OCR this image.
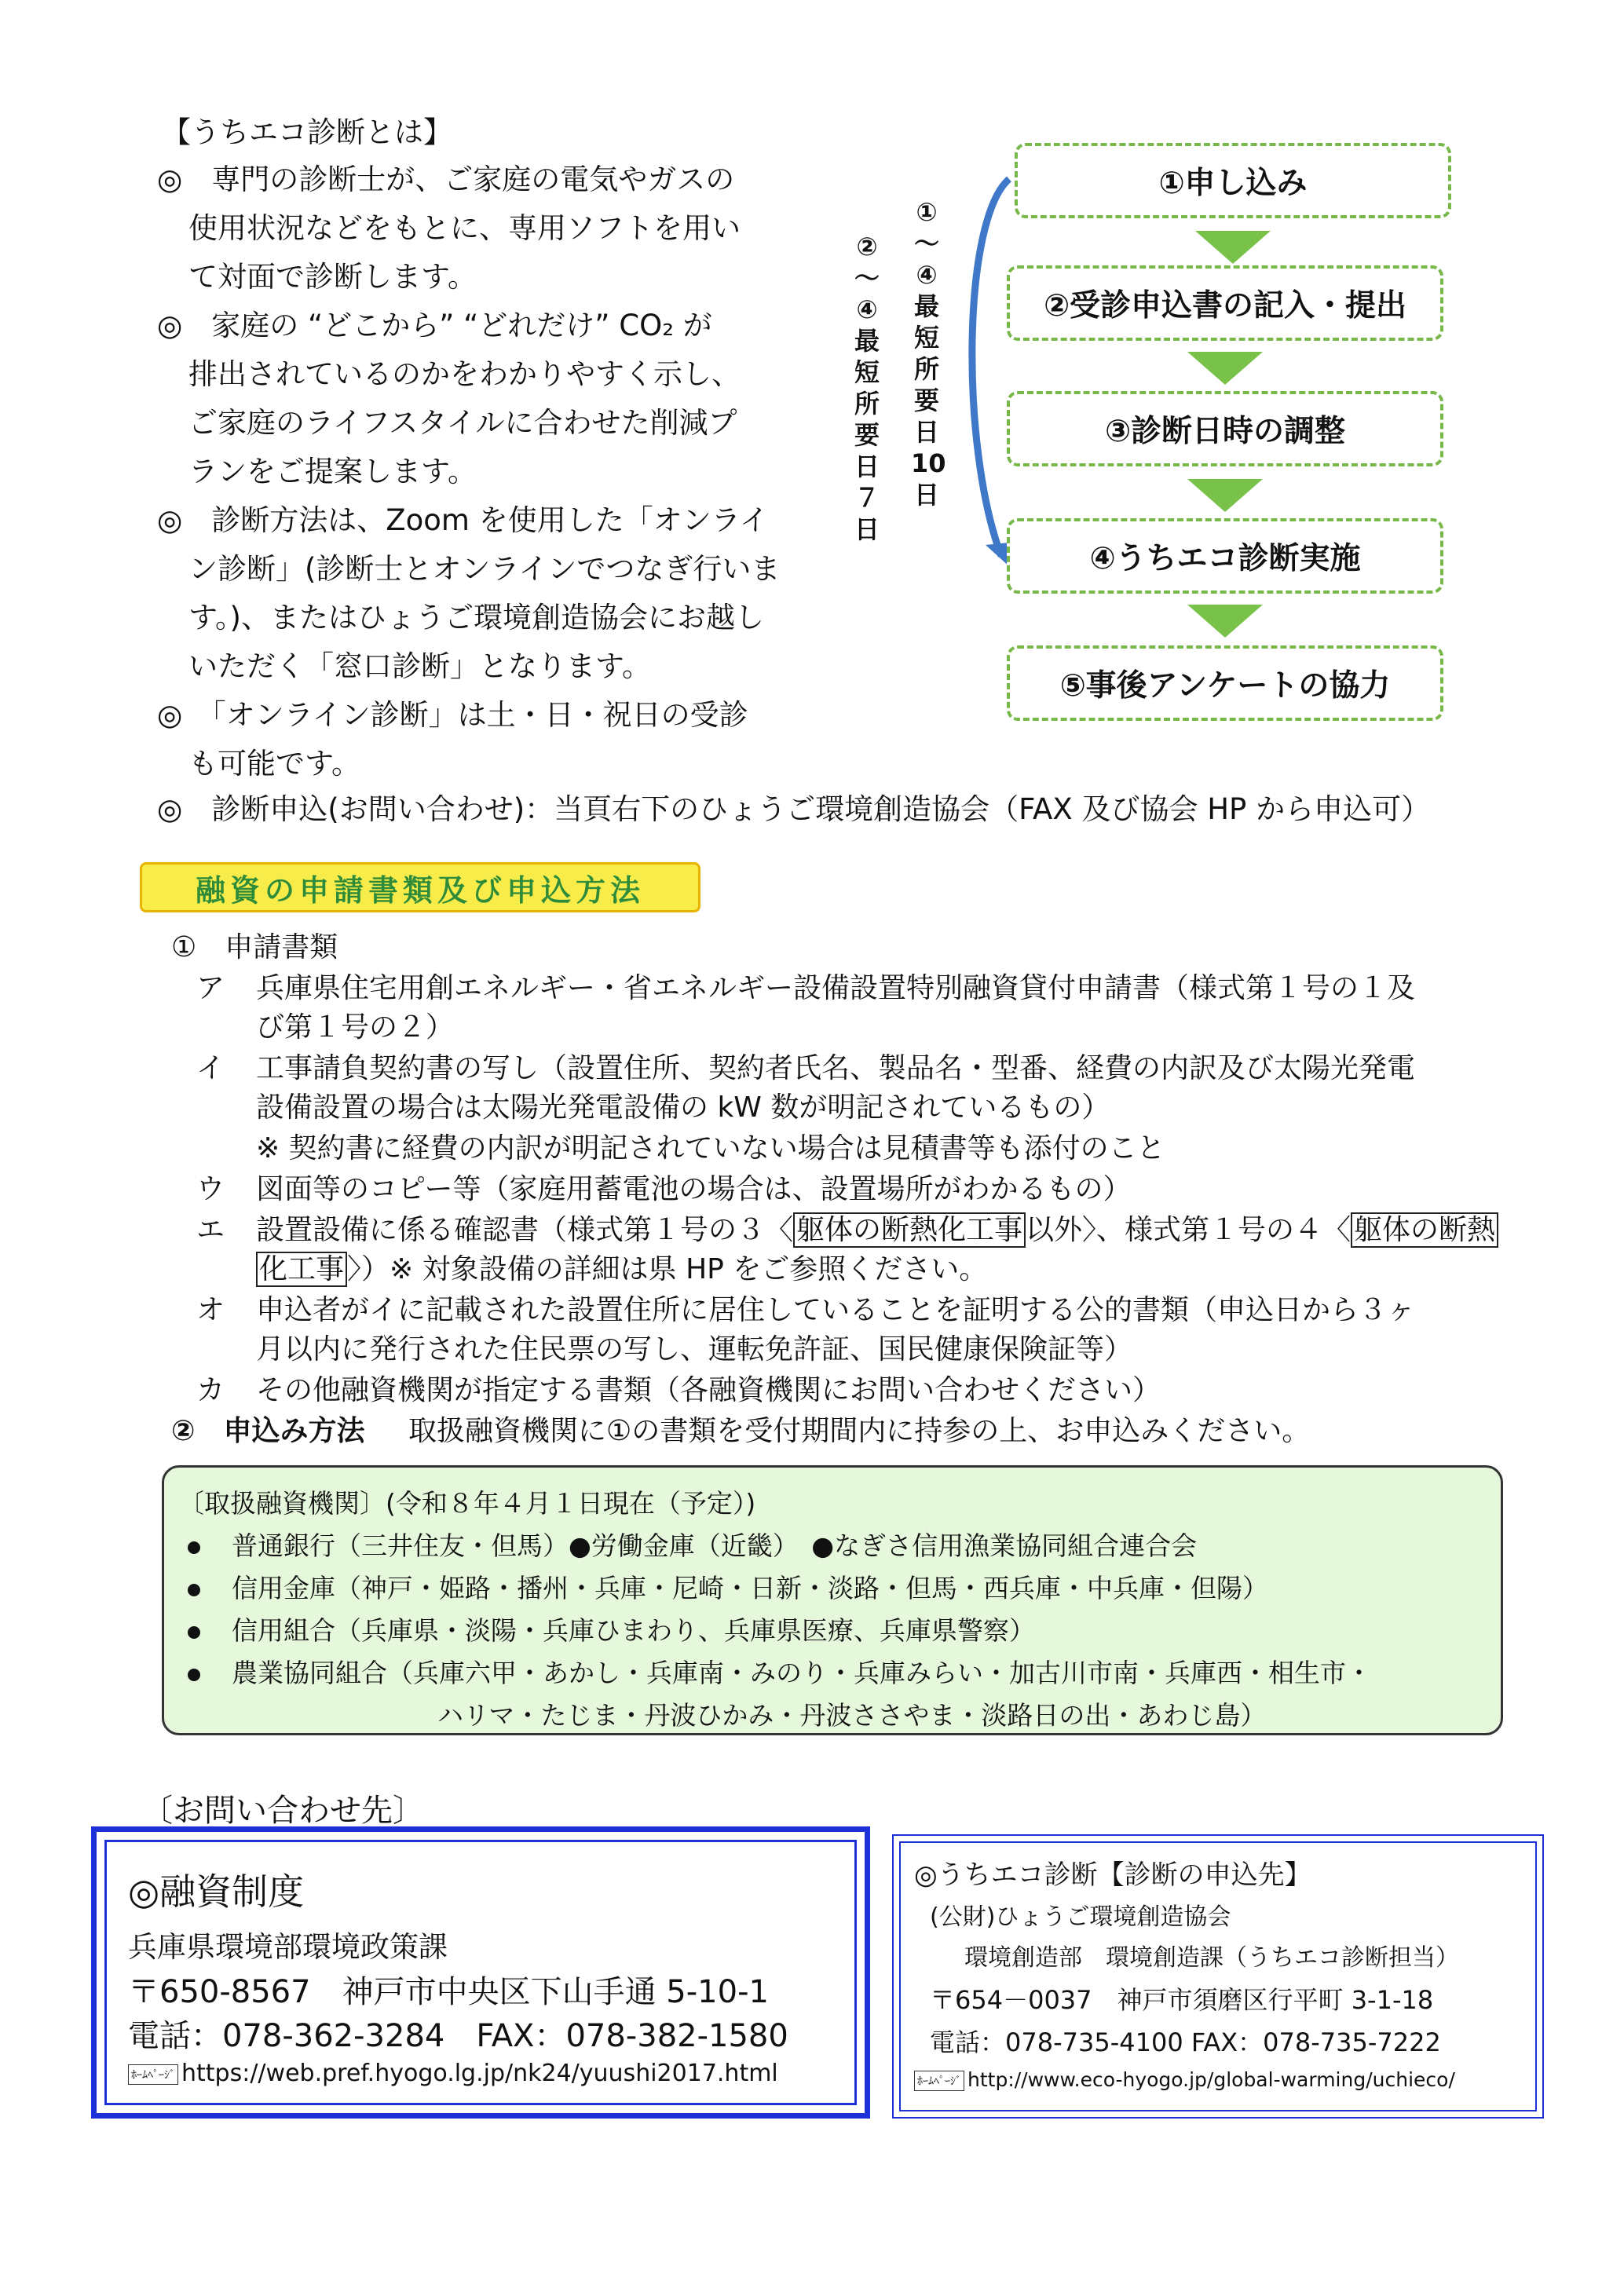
【うちエコ診断とは】
◎　専門の診断士が、ご家庭の電気やガスの
使用状況などをもとに、専用ソフトを用い
て対面で診断します。
◎　家庭の “どこから” “どれだけ” CO₂ が
排出されているのかをわかりやすく示し、
ご家庭のライフスタイルに合わせた削減プ
ランをご提案します。
◎　診断方法は、Zoom を使用した「オンライ
ン診断」(診断士とオンラインでつなぎ行いま
す。)、またはひょうご環境創造協会にお越し
いただく「窓口診断」となります。
◎　「オンライン診断」は土・日・祝日の受診
も可能です。
◎　診断申込(お問い合わせ)：当頁右下のひょうご環境創造協会（FAX 及び協会 HP から申込可）
①
～
④
最
短
所
要
日
10
日
②
～
④
最
短
所
要
日
７
日
①申し込み
②受診申込書の記入・提出
③診断日時の調整
④うちエコ診断実施
⑤事後アンケートの協力
融資の申請書類及び申込方法
①　申請書類
ア 兵庫県住宅用創エネルギー・省エネルギー設備設置特別融資貸付申請書（様式第１号の１及
び第１号の２）
イ 工事請負契約書の写し（設置住所、契約者氏名、製品名・型番、経費の内訳及び太陽光発電
設備設置の場合は太陽光発電設備の kW 数が明記されているもの）
※ 契約書に経費の内訳が明記されていない場合は見積書等も添付のこと
ウ 図面等のコピー等（家庭用蓄電池の場合は、設置場所がわかるもの）
エ 設置設備に係る確認書（様式第１号の３〈 躯体の断熱化工事 以外〉、様式第１号の４〈 躯体の断熱
化工事 〉）※ 対象設備の詳細は県 HP をご参照ください。
オ 申込者がイに記載された設置住所に居住していることを証明する公的書類（申込日から３ヶ
月以内に発行された住民票の写し、運転免許証、国民健康保険証等）
カ その他融資機関が指定する書類（各融資機関にお問い合わせください）
②　申込み方法 取扱融資機関に①の書類を受付期間内に持参の上、お申込みください。
〔取扱融資機関〕(令和８年４月１日現在（予定）)
普通銀行（三井住友・但馬）●労働金庫（近畿）　●なぎさ信用漁業協同組合連合会
信用金庫（神戸・姫路・播州・兵庫・尼崎・日新・淡路・但馬・西兵庫・中兵庫・但陽）
信用組合（兵庫県・淡陽・兵庫ひまわり、兵庫県医療、兵庫県警察）
農業協同組合（兵庫六甲・あかし・兵庫南・みのり・兵庫みらい・加古川市南・兵庫西・相生市・
ハリマ・たじま・丹波ひかみ・丹波ささやま・淡路日の出・あわじ島）
〔お問い合わせ先〕
◎融資制度
兵庫県環境部環境政策課
〒650-8567　神戸市中央区下山手通 5-10-1
電話：078-362-3284　FAX：078-382-1580
ﾎｰﾑﾍﾟｰｼﾞ https://web.pref.hyogo.lg.jp/nk24/yuushi2017.html
◎うちエコ診断【診断の申込先】
(公財)ひょうご環境創造協会
環境創造部　環境創造課（うちエコ診断担当）
〒654－0037　神戸市須磨区行平町 3-1-18
電話：078-735-4100 FAX：078-735-7222
ﾎｰﾑﾍﾟｰｼﾞ http://www.eco-hyogo.jp/global-warming/uchieco/
